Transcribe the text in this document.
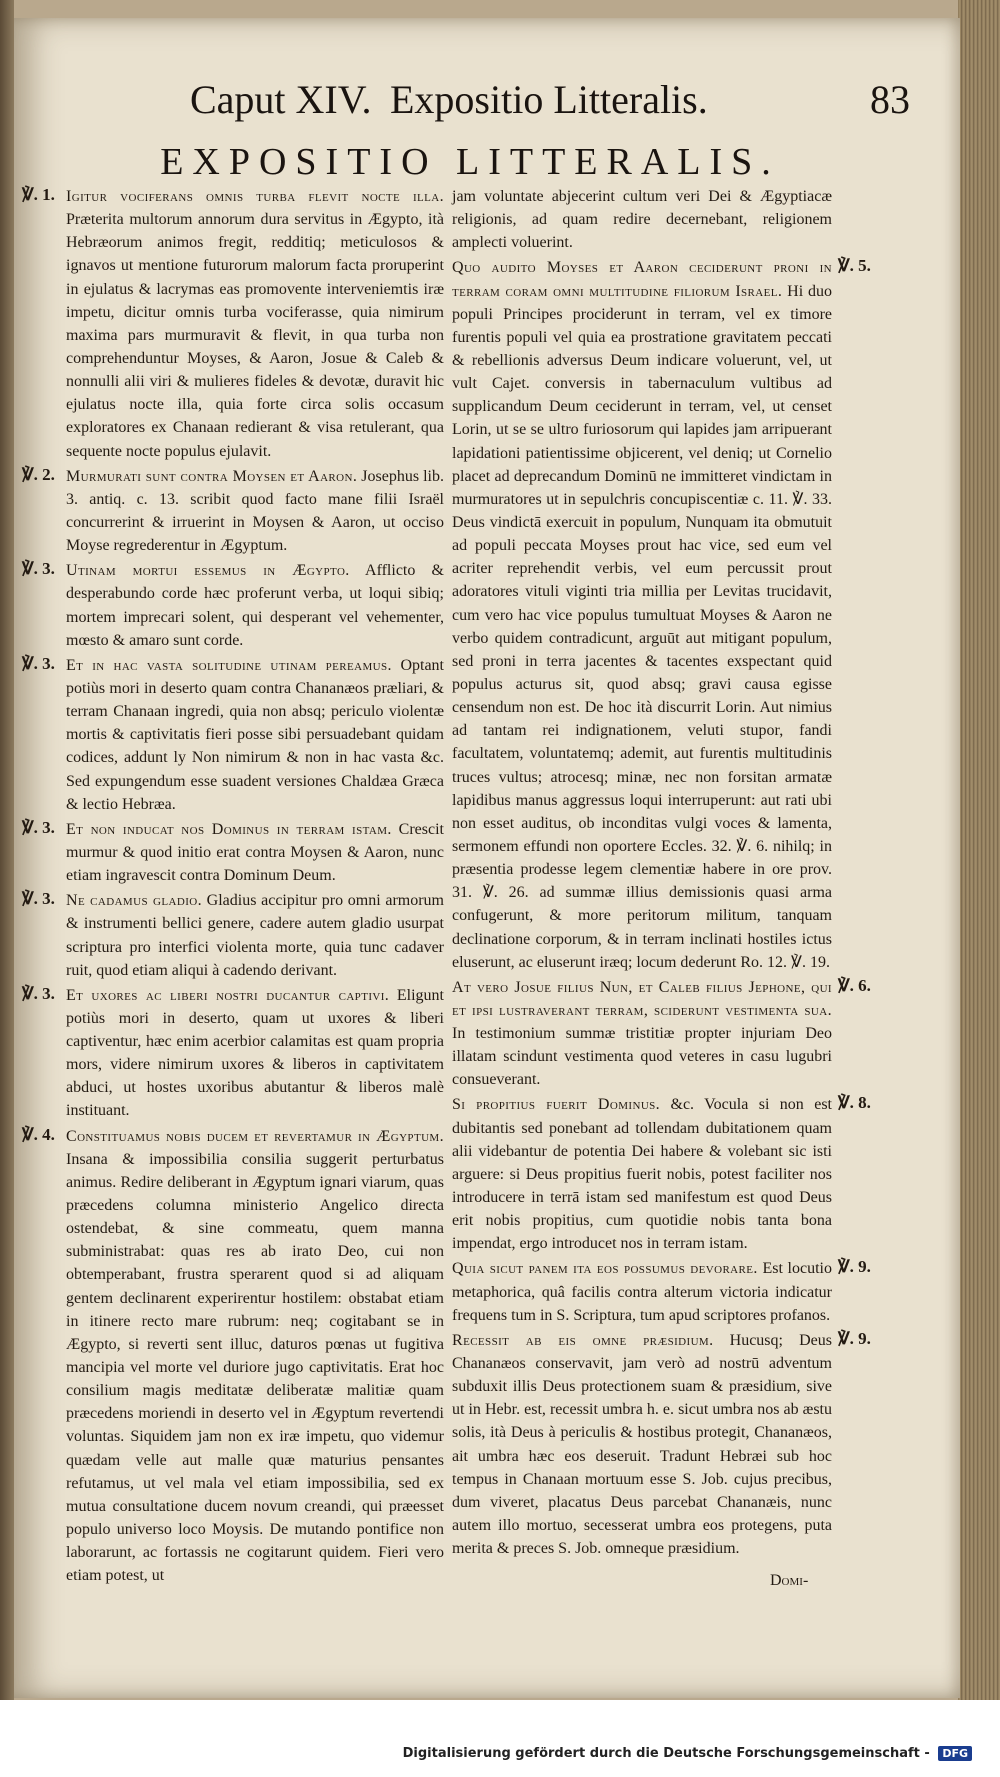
Caput XIV. Expositio Litteralis.	83
EXPOSITIO LITTERALIS.

Igitur vociferans omnis turba flevit nocte illa. Præterita multorum annorum dura servitus in Ægypto, ità Hebræorum animos fregit, redditiq; meticulosos & ignavos ut mentione futurorum malorum facta proruperint in ejulatus & lacrymas eas promovente interveniemtis iræ impetu, dicitur omnis turba vociferasse, quia nimirum maxima pars murmuravit & flevit, in qua turba non comprehenduntur Moyses, & Aaron, Josue & Caleb & nonnulli alii viri & mulieres fideles & devotæ, duravit hic ejulatus nocte illa, quia forte circa solis occasum exploratores ex Chanaan redierant & visa retulerant, qua sequente nocte populus ejulavit.

Murmurati sunt contra Moysen et Aaron. Josephus lib. 3. antiq. c. 13. scribit quod facto mane filii Israël concurrerint & irruerint in Moysen & Aaron, ut occiso Moyse regrederentur in Ægyptum.

Utinam mortui essemus in Ægypto. Afflicto & desperabundo corde hæc proferunt verba, ut loqui sibiq; mortem imprecari solent, qui desperant vel vehementer, mœsto & amaro sunt corde.

Et in hac vasta solitudine utinam pereamus. Optant potiùs mori in deserto quam contra Chananæos præliari, & terram Chanaan ingredi, quia non absq; periculo violentæ mortis & captivitatis fieri posse sibi persuadebant quidam codices, addunt ly Non nimirum & non in hac vasta &c. Sed expungendum esse suadent versiones Chaldæa Græca & lectio Hebræa.

Et non inducat nos Dominus in terram istam. Crescit murmur & quod initio erat contra Moysen & Aaron, nunc etiam ingravescit contra Dominum Deum.

Ne cadamus gladio. Gladius accipitur pro omni armorum & instrumenti bellici genere, cadere autem gladio usurpat scriptura pro interfici violenta morte, quia tunc cadaver ruit, quod etiam aliqui à cadendo derivant.

Et uxores ac liberi nostri ducantur captivi. Eligunt potiùs mori in deserto, quam ut uxores & liberi captiventur, hæc enim acerbior calamitas est quam propria mors, videre nimirum uxores & liberos in captivitatem abduci, ut hostes uxoribus abutantur & liberos malè instituant.

Constituamus nobis ducem et revertamur in Ægyptum. Insana & impossibilia consilia suggerit perturbatus animus. Redire deliberant in Ægyptum ignari viarum, quas præcedens columna ministerio Angelico directa ostendebat, & sine commeatu, quem manna subministrabat: quas res ab irato Deo, cui non obtemperabant, frustra sperarent quod si ad aliquam gentem declinarent experirentur hostilem: obstabat etiam in itinere recto mare rubrum: neq; cogitabant se in Ægypto, si reverti sent illuc, daturos pœnas ut fugitiva mancipia vel morte vel duriore jugo captivitatis. Erat hoc consilium magis meditatæ deliberatæ malitiæ quam præcedens moriendi in deserto vel in Ægyptum revertendi voluntas. Siquidem jam non ex iræ impetu, quo videmur quædam velle aut malle quæ maturius pensantes refutamus, ut vel mala vel etiam impossibilia, sed ex mutua consultatione ducem novum creandi, qui præesset populo universo loco Moysis. De mutando pontifice non laborarunt, ac fortassis ne cogitarunt quidem. Fieri vero etiam potest, ut

jam voluntate abjecerint cultum veri Dei & Ægyptiacæ religionis, ad quam redire decernebant, religionem amplecti voluerint.

Quo audito Moyses et Aaron ceciderunt proni in terram coram omni multitudine filiorum Israel. Hi duo populi Principes prociderunt in terram, vel ex timore furentis populi vel quia ea prostratione gravitatem peccati & rebellionis adversus Deum indicare voluerunt, vel, ut vult Cajet. conversis in tabernaculum vultibus ad supplicandum Deum ceciderunt in terram, vel, ut censet Lorin, ut se se ultro furiosorum qui lapides jam arripuerant lapidationi patientissime objicerent, vel deniq; ut Cornelio placet ad deprecandum Dominū ne immitteret vindictam in murmuratores ut in sepulchris concupiscentiæ c. 11. ℣. 33. Deus vindictā exercuit in populum, Nunquam ita obmutuit ad populi peccata Moyses prout hac vice, sed eum vel acriter reprehendit verbis, vel eum percussit prout adoratores vituli viginti tria millia per Levitas trucidavit, cum vero hac vice populus tumultuat Moyses & Aaron ne verbo quidem contradicunt, arguūt aut mitigant populum, sed proni in terra jacentes & tacentes exspectant quid populus acturus sit, quod absq; gravi causa egisse censendum non est. De hoc ità discurrit Lorin. Aut nimius ad tantam rei indignationem, veluti stupor, fandi facultatem, voluntatemq; ademit, aut furentis multitudinis truces vultus; atrocesq; minæ, nec non forsitan armatæ lapidibus manus aggressus loqui interruperunt: aut rati ubi non esset auditus, ob inconditas vulgi voces & lamenta, sermonem effundi non oportere Eccles. 32. ℣. 6. nihilq; in præsentia prodesse legem clementiæ habere in ore prov. 31. ℣. 26. ad summæ illius demissionis quasi arma confugerunt, & more peritorum militum, tanquam declinatione corporum, & in terram inclinati hostiles ictus eluserunt, ac eluserunt iræq; locum dederunt Ro. 12. ℣. 19.

At vero Josue filius Nun, et Caleb filius Jephone, qui et ipsi lustraverant terram, sciderunt vestimenta sua. In testimonium summæ tristitiæ propter injuriam Deo illatam scindunt vestimenta quod veteres in casu lugubri consueverant.

Si propitius fuerit Dominus. &c. Vocula si non est dubitantis sed ponebant ad tollendam dubitationem quam alii videbantur de potentia Dei habere & volebant sic isti arguere: si Deus propitius fuerit nobis, potest faciliter nos introducere in terrā istam sed manifestum est quod Deus erit nobis propitius, cum quotidie nobis tanta bona impendat, ergo introducet nos in terram istam.

Quia sicut panem ita eos possumus devorare. Est locutio metaphorica, quâ facilis contra alterum victoria indicatur frequens tum in S. Scriptura, tum apud scriptores profanos.

Recessit ab eis omne præsidium. Hucusq; Deus Chananæos conservavit, jam verò ad nostrū adventum subduxit illis Deus protectionem suam & præsidium, sive ut in Hebr. est, recessit umbra h. e. sicut umbra nos ab æstu solis, ità Deus à periculis & hostibus protegit, Chananæos, ait umbra hæc eos deseruit. Tradunt Hebræi sub hoc tempus in Chanaan mortuum esse S. Job. cujus precibus, dum viveret, placatus Deus parcebat Chananæis, nunc autem illo mortuo, secesserat umbra eos protegens, puta merita & preces S. Job. omneque præsidium.

Domi-
Digitalisierung gefördert durch die Deutsche Forschungsgemeinschaft - DFG
℣. 1.
℣. 2.
℣. 3.
℣. 3.
℣. 3.
℣. 3.
℣. 3.
℣. 4.
℣. 5.
℣. 6.
℣. 8.
℣. 9.
℣. 9.
